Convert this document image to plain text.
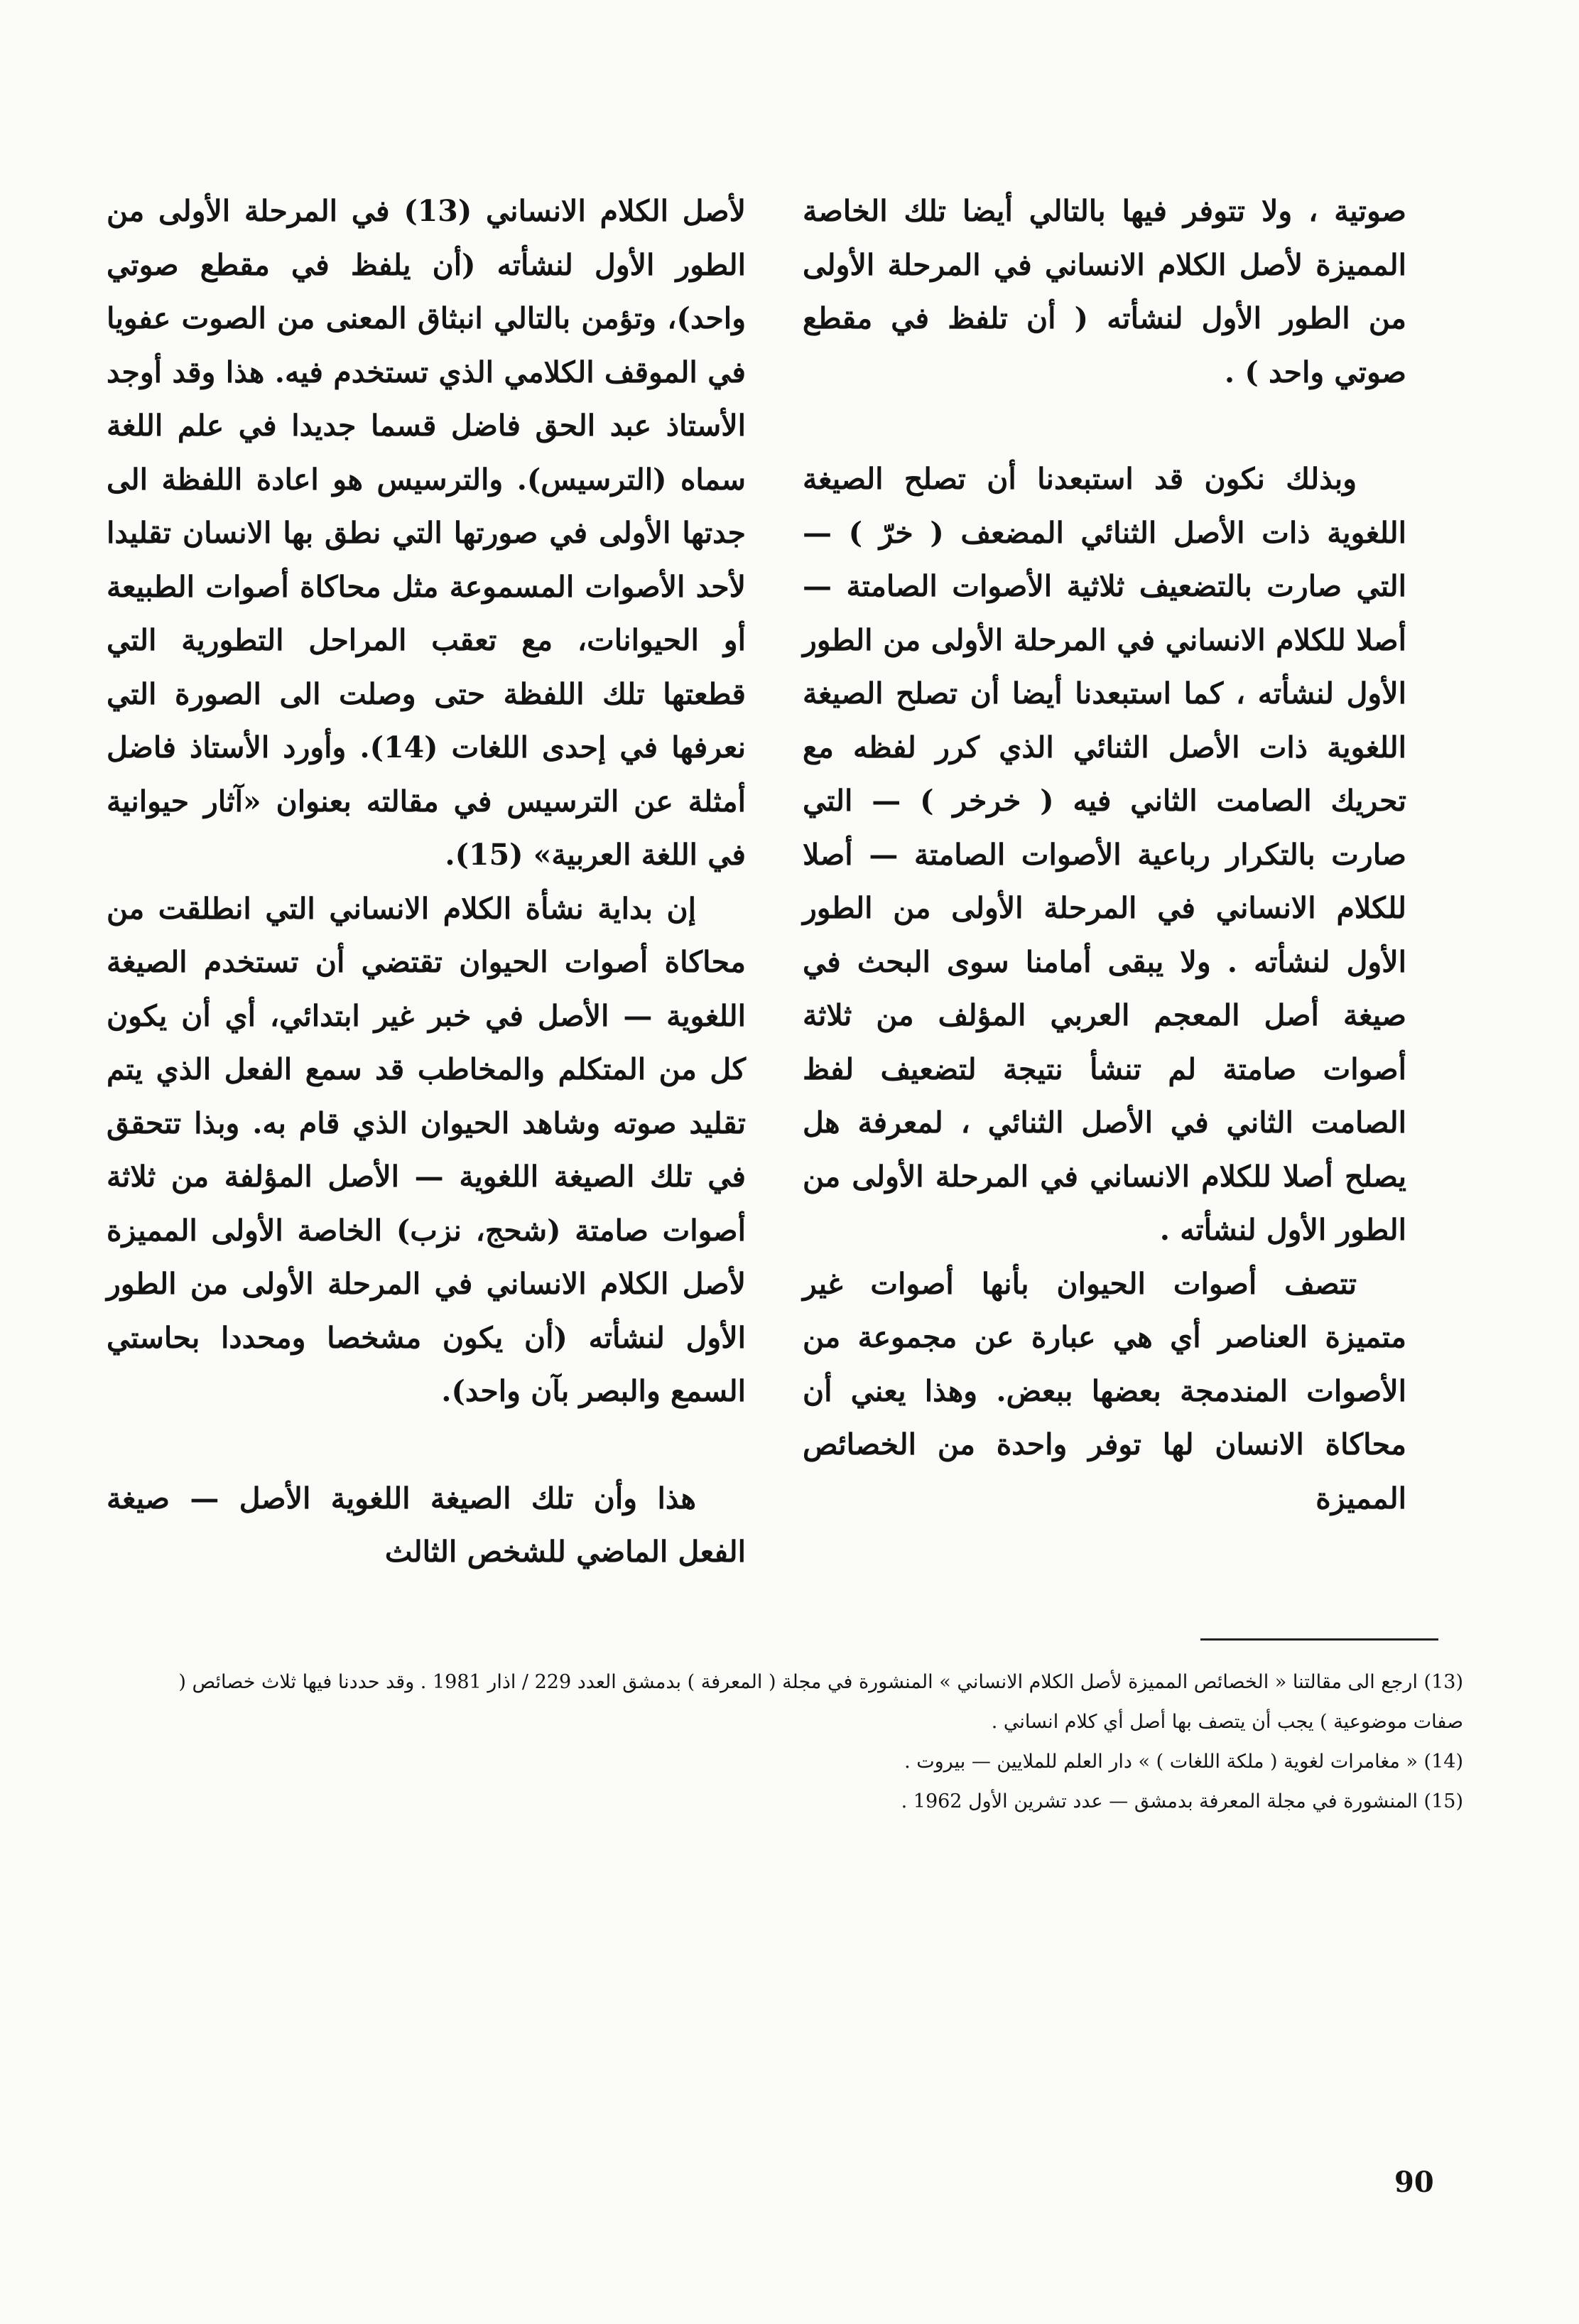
صوتية ، ولا تتوفر فيها بالتالي أيضا تلك الخاصة المميزة لأصل الكلام الانساني في المرحلة الأولى من الطور الأول لنشأته ( أن تلفظ في مقطع صوتي واحد ) .

وبذلك نكون قد استبعدنا أن تصلح الصيغة اللغوية ذات الأصل الثنائي المضعف ( خرّ ) — التي صارت بالتضعيف ثلاثية الأصوات الصامتة — أصلا للكلام الانساني في المرحلة الأولى من الطور الأول لنشأته ، كما استبعدنا أيضا أن تصلح الصيغة اللغوية ذات الأصل الثنائي الذي كرر لفظه مع تحريك الصامت الثاني فيه ( خرخر ) — التي صارت بالتكرار رباعية الأصوات الصامتة — أصلا للكلام الانساني في المرحلة الأولى من الطور الأول لنشأته . ولا يبقى أمامنا سوى البحث في صيغة أصل المعجم العربي المؤلف من ثلاثة أصوات صامتة لم تنشأ نتيجة لتضعيف لفظ الصامت الثاني في الأصل الثنائي ، لمعرفة هل يصلح أصلا للكلام الانساني في المرحلة الأولى من الطور الأول لنشأته .

تتصف أصوات الحيوان بأنها أصوات غير متميزة العناصر أي هي عبارة عن مجموعة من الأصوات المندمجة بعضها ببعض. وهذا يعني أن محاكاة الانسان لها توفر واحدة من الخصائص المميزة

لأصل الكلام الانساني (13) في المرحلة الأولى من الطور الأول لنشأته (أن يلفظ في مقطع صوتي واحد)، وتؤمن بالتالي انبثاق المعنى من الصوت عفويا في الموقف الكلامي الذي تستخدم فيه. هذا وقد أوجد الأستاذ عبد الحق فاضل قسما جديدا في علم اللغة سماه (الترسيس). والترسيس هو اعادة اللفظة الى جدتها الأولى في صورتها التي نطق بها الانسان تقليدا لأحد الأصوات المسموعة مثل محاكاة أصوات الطبيعة أو الحيوانات، مع تعقب المراحل التطورية التي قطعتها تلك اللفظة حتى وصلت الى الصورة التي نعرفها في إحدى اللغات (14). وأورد الأستاذ فاضل أمثلة عن الترسيس في مقالته بعنوان «آثار حيوانية في اللغة العربية» (15).

إن بداية نشأة الكلام الانساني التي انطلقت من محاكاة أصوات الحيوان تقتضي أن تستخدم الصيغة اللغوية — الأصل في خبر غير ابتدائي، أي أن يكون كل من المتكلم والمخاطب قد سمع الفعل الذي يتم تقليد صوته وشاهد الحيوان الذي قام به. وبذا تتحقق في تلك الصيغة اللغوية — الأصل المؤلفة من ثلاثة أصوات صامتة (شحج، نزب) الخاصة الأولى المميزة لأصل الكلام الانساني في المرحلة الأولى من الطور الأول لنشأته (أن يكون مشخصا ومحددا بحاستي السمع والبصر بآن واحد).

هذا وأن تلك الصيغة اللغوية الأصل — صيغة الفعل الماضي للشخص الثالث

(13) ارجع الى مقالتنا « الخصائص المميزة لأصل الكلام الانساني » المنشورة في مجلة ( المعرفة ) بدمشق العدد 229 / اذار 1981 . وقد حددنا فيها ثلاث خصائص ( صفات موضوعية ) يجب أن يتصف بها أصل أي كلام انساني .

(14) « مغامرات لغوية ( ملكة اللغات ) » دار العلم للملايين — بيروت .

(15) المنشورة في مجلة المعرفة بدمشق — عدد تشرين الأول 1962 .

90
